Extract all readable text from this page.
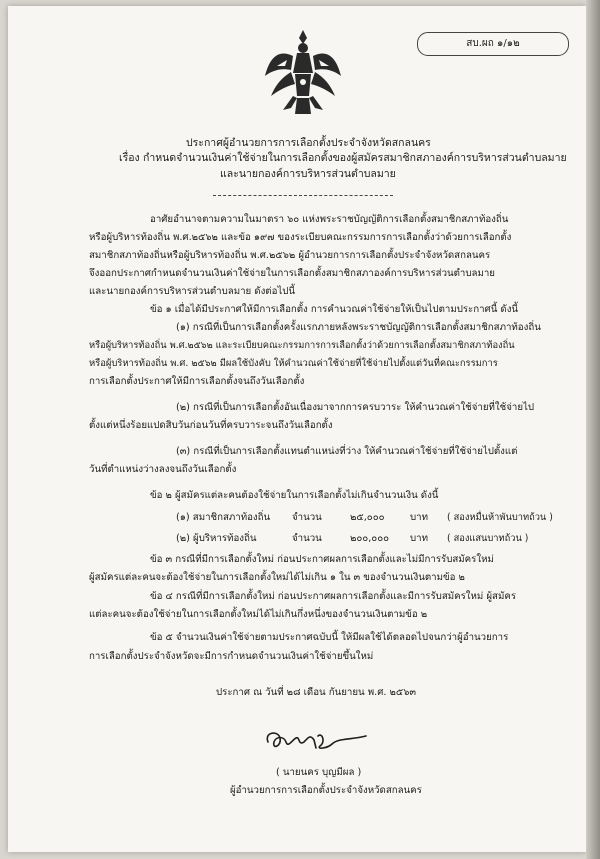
สบ.ผถ ๑/๑๒
ประกาศผู้อำนวยการการเลือกตั้งประจำจังหวัดสกลนคร
เรื่อง กำหนดจำนวนเงินค่าใช้จ่ายในการเลือกตั้งของผู้สมัครสมาชิกสภาองค์การบริหารส่วนตำบลมาย
และนายกองค์การบริหารส่วนตำบลมาย
อาศัยอำนาจตามความในมาตรา ๖๐ แห่งพระราชบัญญัติการเลือกตั้งสมาชิกสภาท้องถิ่น
หรือผู้บริหารท้องถิ่น พ.ศ.๒๕๖๒ และข้อ ๑๙๗ ของระเบียบคณะกรรมการการเลือกตั้งว่าด้วยการเลือกตั้ง
สมาชิกสภาท้องถิ่นหรือผู้บริหารท้องถิ่น พ.ศ.๒๕๖๒ ผู้อำนวยการการเลือกตั้งประจำจังหวัดสกลนคร
จึงออกประกาศกำหนดจำนวนเงินค่าใช้จ่ายในการเลือกตั้งสมาชิกสภาองค์การบริหารส่วนตำบลมาย
และนายกองค์การบริหารส่วนตำบลมาย ดังต่อไปนี้
ข้อ ๑ เมื่อได้มีประกาศให้มีการเลือกตั้ง การคำนวณค่าใช้จ่ายให้เป็นไปตามประกาศนี้ ดังนี้
(๑) กรณีที่เป็นการเลือกตั้งครั้งแรกภายหลังพระราชบัญญัติการเลือกตั้งสมาชิกสภาท้องถิ่น
หรือผู้บริหารท้องถิ่น พ.ศ.๒๕๖๒ และระเบียบคณะกรรมการการเลือกตั้งว่าด้วยการเลือกตั้งสมาชิกสภาท้องถิ่น
หรือผู้บริหารท้องถิ่น พ.ศ. ๒๕๖๒ มีผลใช้บังคับ ให้คำนวณค่าใช้จ่ายที่ใช้จ่ายไปตั้งแต่วันที่คณะกรรมการ
การเลือกตั้งประกาศให้มีการเลือกตั้งจนถึงวันเลือกตั้ง
(๒) กรณีที่เป็นการเลือกตั้งอันเนื่องมาจากการครบวาระ ให้คำนวณค่าใช้จ่ายที่ใช้จ่ายไป
ตั้งแต่หนึ่งร้อยแปดสิบวันก่อนวันที่ครบวาระจนถึงวันเลือกตั้ง
(๓) กรณีที่เป็นการเลือกตั้งแทนตำแหน่งที่ว่าง ให้คำนวณค่าใช้จ่ายที่ใช้จ่ายไปตั้งแต่
วันที่ตำแหน่งว่างลงจนถึงวันเลือกตั้ง
ข้อ ๒ ผู้สมัครแต่ละคนต้องใช้จ่ายในการเลือกตั้งไม่เกินจำนวนเงิน ดังนี้
(๑) สมาชิกสภาท้องถิ่น จำนวน	๒๕,๐๐๐	บาท ( สองหมื่นห้าพันบาทถ้วน )
(๒) ผู้บริหารท้องถิ่น	จำนวน	๒๐๐,๐๐๐ บาท ( สองแสนบาทถ้วน )
ข้อ ๓ กรณีที่มีการเลือกตั้งใหม่ ก่อนประกาศผลการเลือกตั้งและไม่มีการรับสมัครใหม่
ผู้สมัครแต่ละคนจะต้องใช้จ่ายในการเลือกตั้งใหม่ได้ไม่เกิน ๑ ใน ๓ ของจำนวนเงินตามข้อ ๒
ข้อ ๔ กรณีที่มีการเลือกตั้งใหม่ ก่อนประกาศผลการเลือกตั้งและมีการรับสมัครใหม่ ผู้สมัคร
แต่ละคนจะต้องใช้จ่ายในการเลือกตั้งใหม่ได้ไม่เกินกึ่งหนึ่งของจำนวนเงินตามข้อ ๒
ข้อ ๕ จำนวนเงินค่าใช้จ่ายตามประกาศฉบับนี้ ให้มีผลใช้ได้ตลอดไปจนกว่าผู้อำนวยการ
การเลือกตั้งประจำจังหวัดจะมีการกำหนดจำนวนเงินค่าใช้จ่ายขึ้นใหม่
ประกาศ ณ วันที่ ๒๘ เดือน กันยายน พ.ศ. ๒๕๖๓
( นายนคร บุญมีผล )
ผู้อำนวยการการเลือกตั้งประจำจังหวัดสกลนคร
